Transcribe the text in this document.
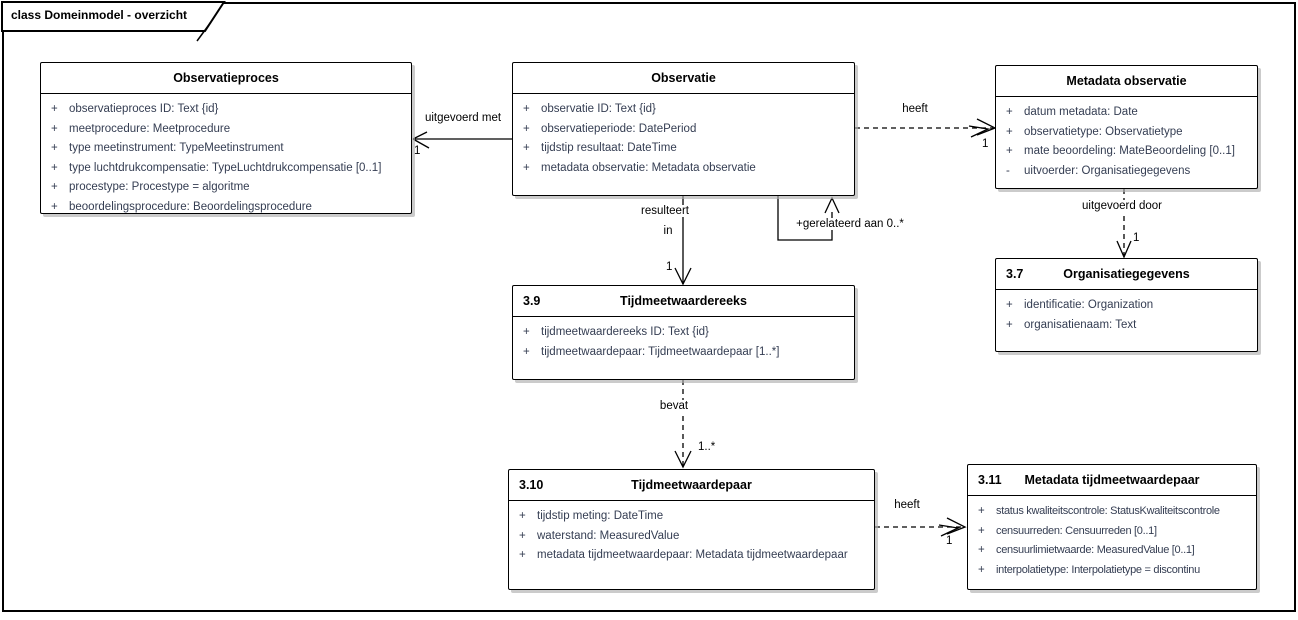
class Domeinmodel - overzicht
Observatieproces
+ observatieproces ID: Text {id}
+ meetprocedure: Meetprocedure
+ type meetinstrument: TypeMeetinstrument
+ type luchtdrukcompensatie: TypeLuchtdrukcompensatie [0..1]
+ procestype: Procestype = algoritme
+ beoordelingsprocedure: Beoordelingsprocedure
Observatie
+ observatie ID: Text {id}
+ observatieperiode: DatePeriod
+ tijdstip resultaat: DateTime
+ metadata observatie: Metadata observatie
Metadata observatie
+ datum metadata: Date
+ observatietype: Observatietype
+ mate beoordeling: MateBeoordeling [0..1]
-	uitvoerder: Organisatiegegevens
3.7	Organisatiegegevens
+ identificatie: Organization
+ organisatienaam: Text
3.9	Tijdmeetwaardereeks
+ tijdmeetwaardereeks ID: Text {id}
+ tijdmeetwaardepaar: Tijdmeetwaardepaar [1..*]
3.10	Tijdmeetwaardepaar
+ tijdstip meting: DateTime
+ waterstand: MeasuredValue
+ metadata tijdmeetwaardepaar: Metadata tijdmeetwaardepaar
3.11 Metadata tijdmeetwaardepaar
+	status kwaliteitscontrole: StatusKwaliteitscontrole
+	censuurreden: Censuurreden [0..1]
+	censuurlimietwaarde: MeasuredValue [0..1]
+	interpolatietype: Interpolatietype = discontinu
uitgevoerd met
1
heeft
1
resulteert
in
1
+gerelateerd aan 0..*
uitgevoerd door
1
bevat
1..*
heeft
1
